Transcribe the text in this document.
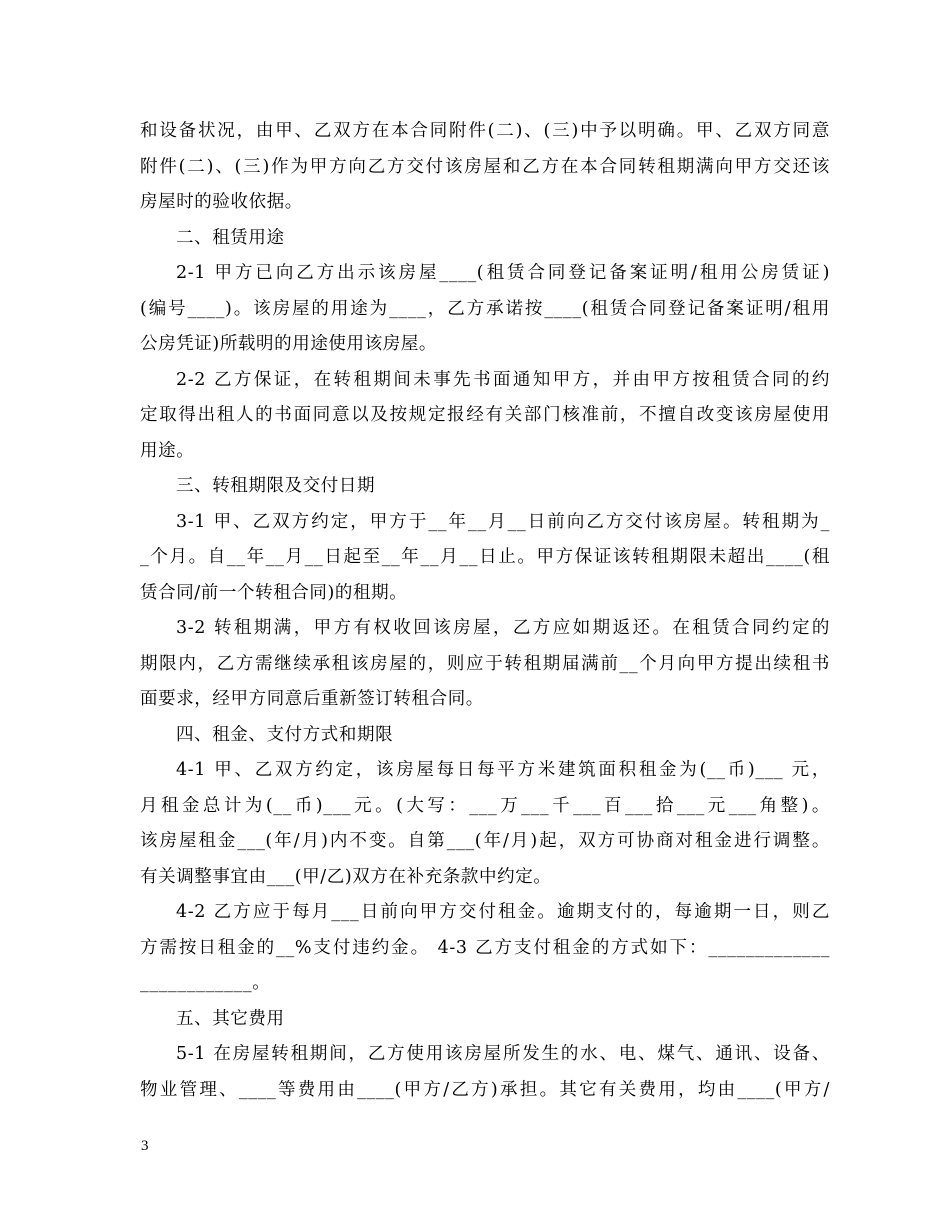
和设备状况，由甲、乙双方在本合同附件(二)、(三)中予以明确。甲、乙双方同意
附件(二)、(三)作为甲方向乙方交付该房屋和乙方在本合同转租期满向甲方交还该
房屋时的验收依据。
二、租赁用途
2-1 甲方已向乙方出示该房屋____(租赁合同登记备案证明/租用公房赁证)
(编号____)。该房屋的用途为____，乙方承诺按____(租赁合同登记备案证明/租用
公房凭证)所载明的用途使用该房屋。
2-2 乙方保证，在转租期间未事先书面通知甲方，并由甲方按租赁合同的约
定取得出租人的书面同意以及按规定报经有关部门核准前，不擅自改变该房屋使用
用途。
三、转租期限及交付日期
3-1 甲、乙双方约定，甲方于__年__月__日前向乙方交付该房屋。转租期为_
_个月。自__年__月__日起至__年__月__日止。甲方保证该转租期限未超出____(租
赁合同/前一个转租合同)的租期。
3-2 转租期满，甲方有权收回该房屋，乙方应如期返还。在租赁合同约定的
期限内，乙方需继续承租该房屋的，则应于转租期届满前__个月向甲方提出续租书
面要求，经甲方同意后重新签订转租合同。
四、租金、支付方式和期限
4-1 甲、乙双方约定，该房屋每日每平方米建筑面积租金为(__币)___ 元，
月租金总计为(__币)___元。(大写：___万___千___百___拾___元___角整)。
该房屋租金___(年/月)内不变。自第___(年/月)起，双方可协商对租金进行调整。
有关调整事宜由___(甲/乙)双方在补充条款中约定。
4-2 乙方应于每月___日前向甲方交付租金。逾期支付的，每逾期一日，则乙
方需按日租金的__%支付违约金。 4-3 乙方支付租金的方式如下：_____________
____________。
五、其它费用
5-1 在房屋转租期间，乙方使用该房屋所发生的水、电、煤气、通讯、设备、
物业管理、____等费用由____(甲方/乙方)承担。其它有关费用，均由____(甲方/
3
